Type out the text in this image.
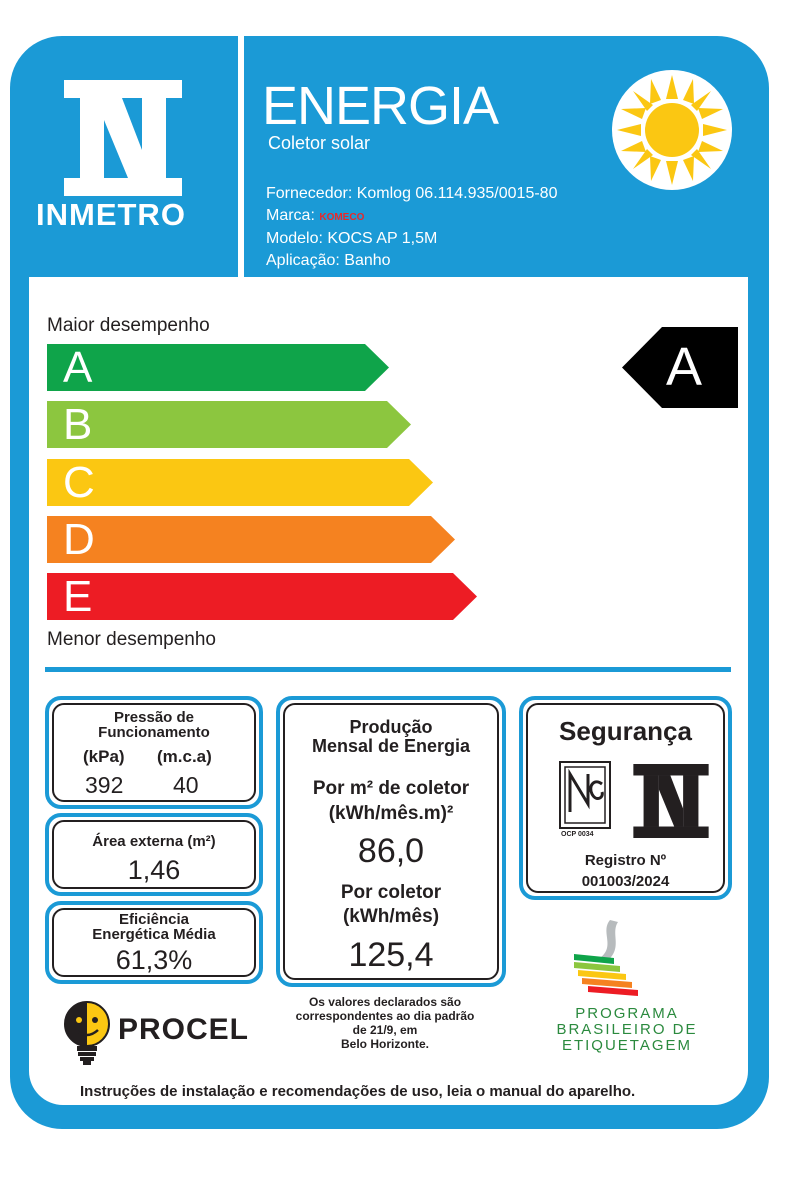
INMETRO
ENERGIA
Coletor solar
Fornecedor: Komlog 06.114.935/0015-80
Marca: KOMECO
Modelo: KOCS AP 1,5M
Aplicação: Banho
Maior desempenho
A
B
C
D
E
Menor desempenho
A
Pressão de
Funcionamento
(kPa) (m.c.a)
392 40
Área externa (m²)
1,46
Eficiência
Energética Média
61,3%
Produção
Mensal de Energia
Por m² de coletor
(kWh/mês.m)²
86,0
Por coletor
(kWh/mês)
125,4
Segurança
OCP 0034
Registro Nº
001003/2024
Os valores declarados são
correspondentes ao dia padrão
de 21/9, em
Belo Horizonte.
PROCEL	PROGRAMA
BRASILEIRO DE
ETIQUETAGEM
Instruções de instalação e recomendações de uso, leia o manual do aparelho.
